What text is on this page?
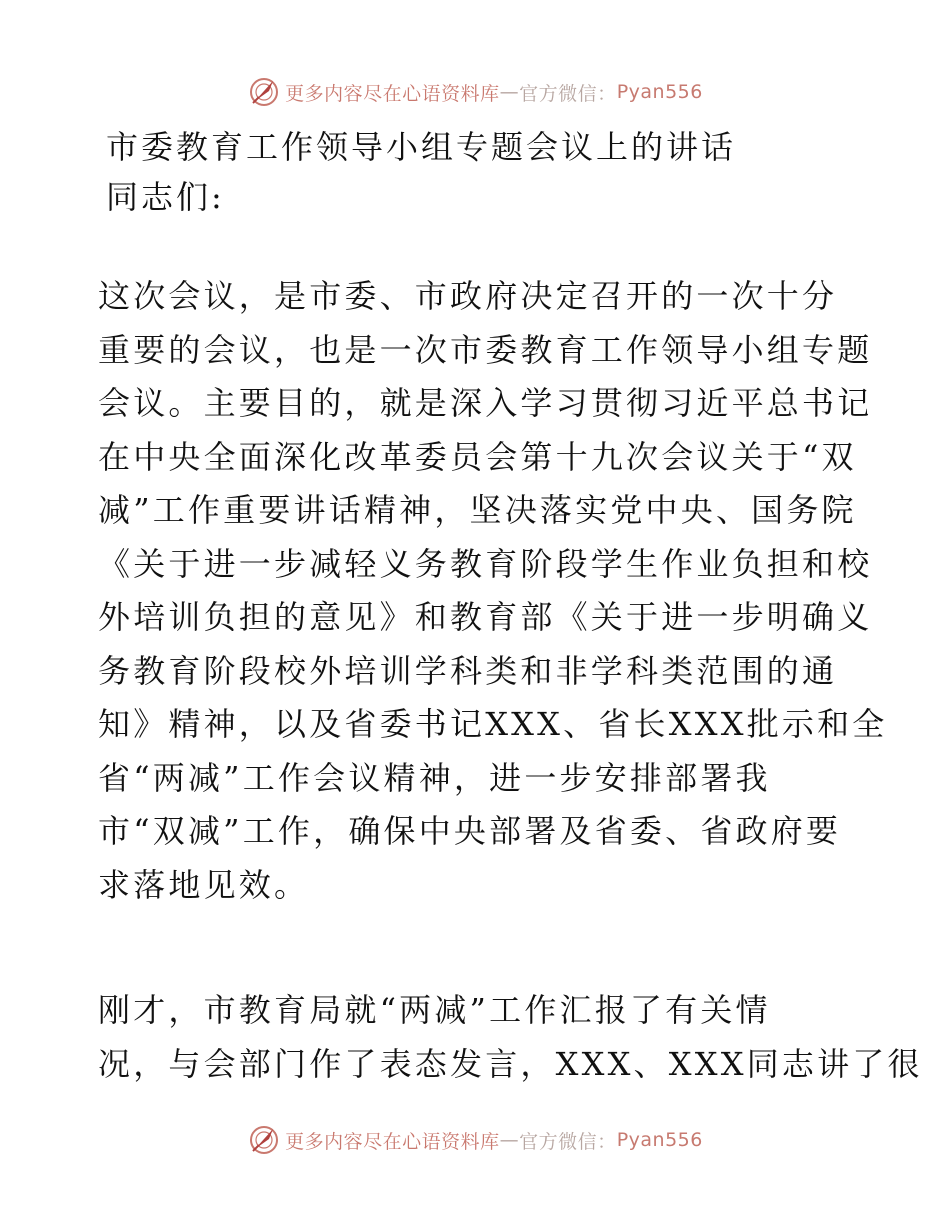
更多内容尽在心语资料库 — 官方微信： Pyan556
市委教育工作领导小组专题会议上的讲话
同志们:
这次会议，是市委、市政府决定召开的一次十分
重要的会议，也是一次市委教育工作领导小组专题
会议。主要目的，就是深入学习贯彻习近平总书记
在中央全面深化改革委员会第十九次会议关于“双
减”工作重要讲话精神，坚决落实党中央、国务院
《关于进一步减轻义务教育阶段学生作业负担和校
外培训负担的意见》和教育部《关于进一步明确义
务教育阶段校外培训学科类和非学科类范围的通
知》精神，以及省委书记XXX、省长XXX批示和全
省“两减”工作会议精神，进一步安排部署我
市“双减”工作，确保中央部署及省委、省政府要
求落地见效。
刚才，市教育局就“两减”工作汇报了有关情
况，与会部门作了表态发言，XXX、XXX同志讲了很
更多内容尽在心语资料库 — 官方微信： Pyan556
